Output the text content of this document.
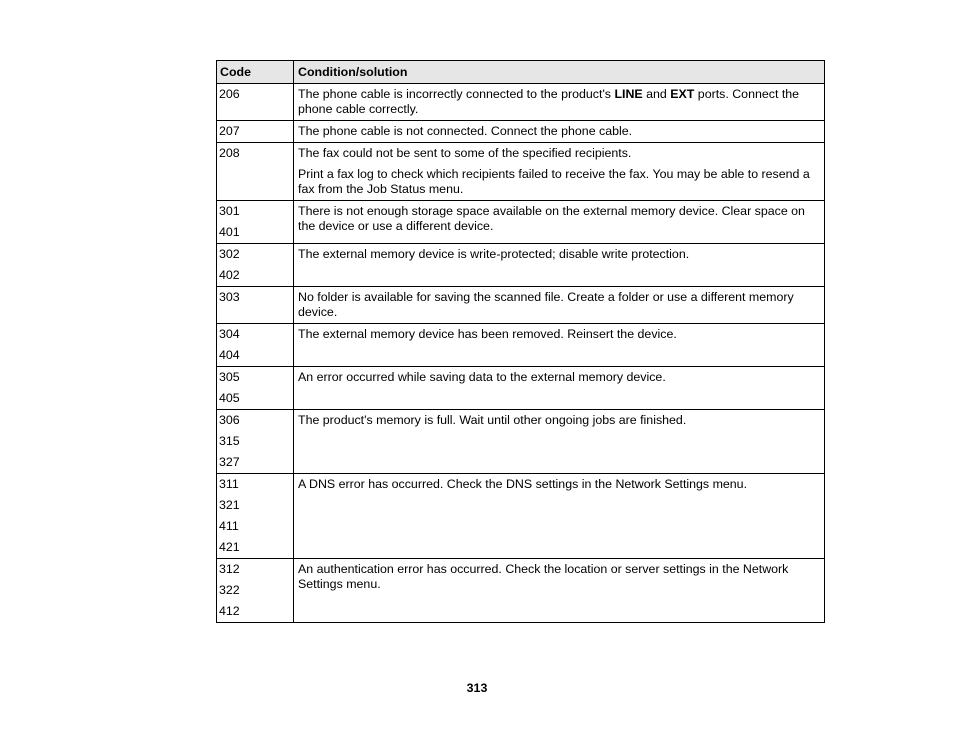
Code	Condition/solution

206	The phone cable is incorrectly connected to the product's LINE and EXT ports. Connect the phone cable correctly.

207	The phone cable is not connected. Connect the phone cable.

208	The fax could not be sent to some of the specified recipients.

Print a fax log to check which recipients failed to receive the fax. You may be able to resend a fax from the Job Status menu.

301
401	There is not enough storage space available on the external memory device. Clear space on the device or use a different device.

302
402	The external memory device is write-protected; disable write protection.

303	No folder is available for saving the scanned file. Create a folder or use a different memory device.

304
404	The external memory device has been removed. Reinsert the device.

305
405	An error occurred while saving data to the external memory device.

306
315
327	The product's memory is full. Wait until other ongoing jobs are finished.

311
321
411
421	A DNS error has occurred. Check the DNS settings in the Network Settings menu.

312
322
412	An authentication error has occurred. Check the location or server settings in the Network Settings menu.

313
